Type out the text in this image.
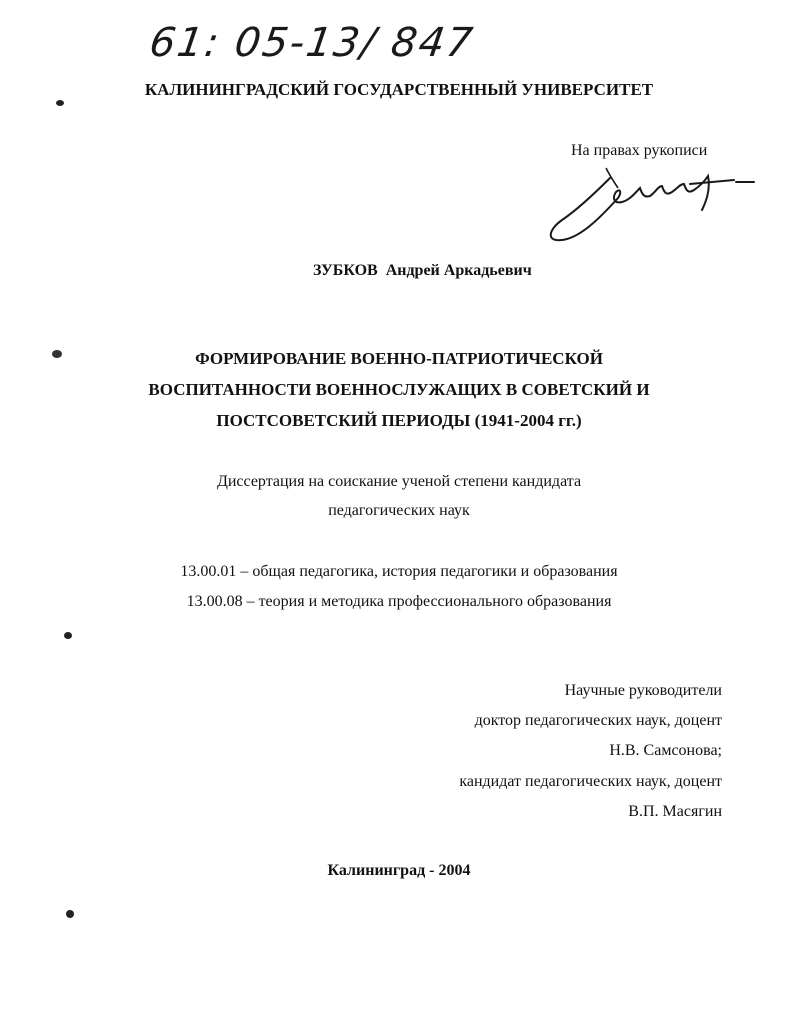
61: 05-13/ 847
КАЛИНИНГРАДСКИЙ ГОСУДАРСТВЕННЫЙ УНИВЕРСИТЕТ
На правах рукописи
ЗУБКОВ Андрей Аркадьевич
ФОРМИРОВАНИЕ ВОЕННО-ПАТРИОТИЧЕСКОЙ
ВОСПИТАННОСТИ ВОЕННОСЛУЖАЩИХ В СОВЕТСКИЙ И
ПОСТСОВЕТСКИЙ ПЕРИОДЫ (1941-2004 гг.)
Диссертация на соискание ученой степени кандидата
педагогических наук
13.00.01 – общая педагогика, история педагогики и образования
13.00.08 – теория и методика профессионального образования
Научные руководители
доктор педагогических наук, доцент
Н.В. Самсонова;
кандидат педагогических наук, доцент
В.П. Масягин
Калининград - 2004
